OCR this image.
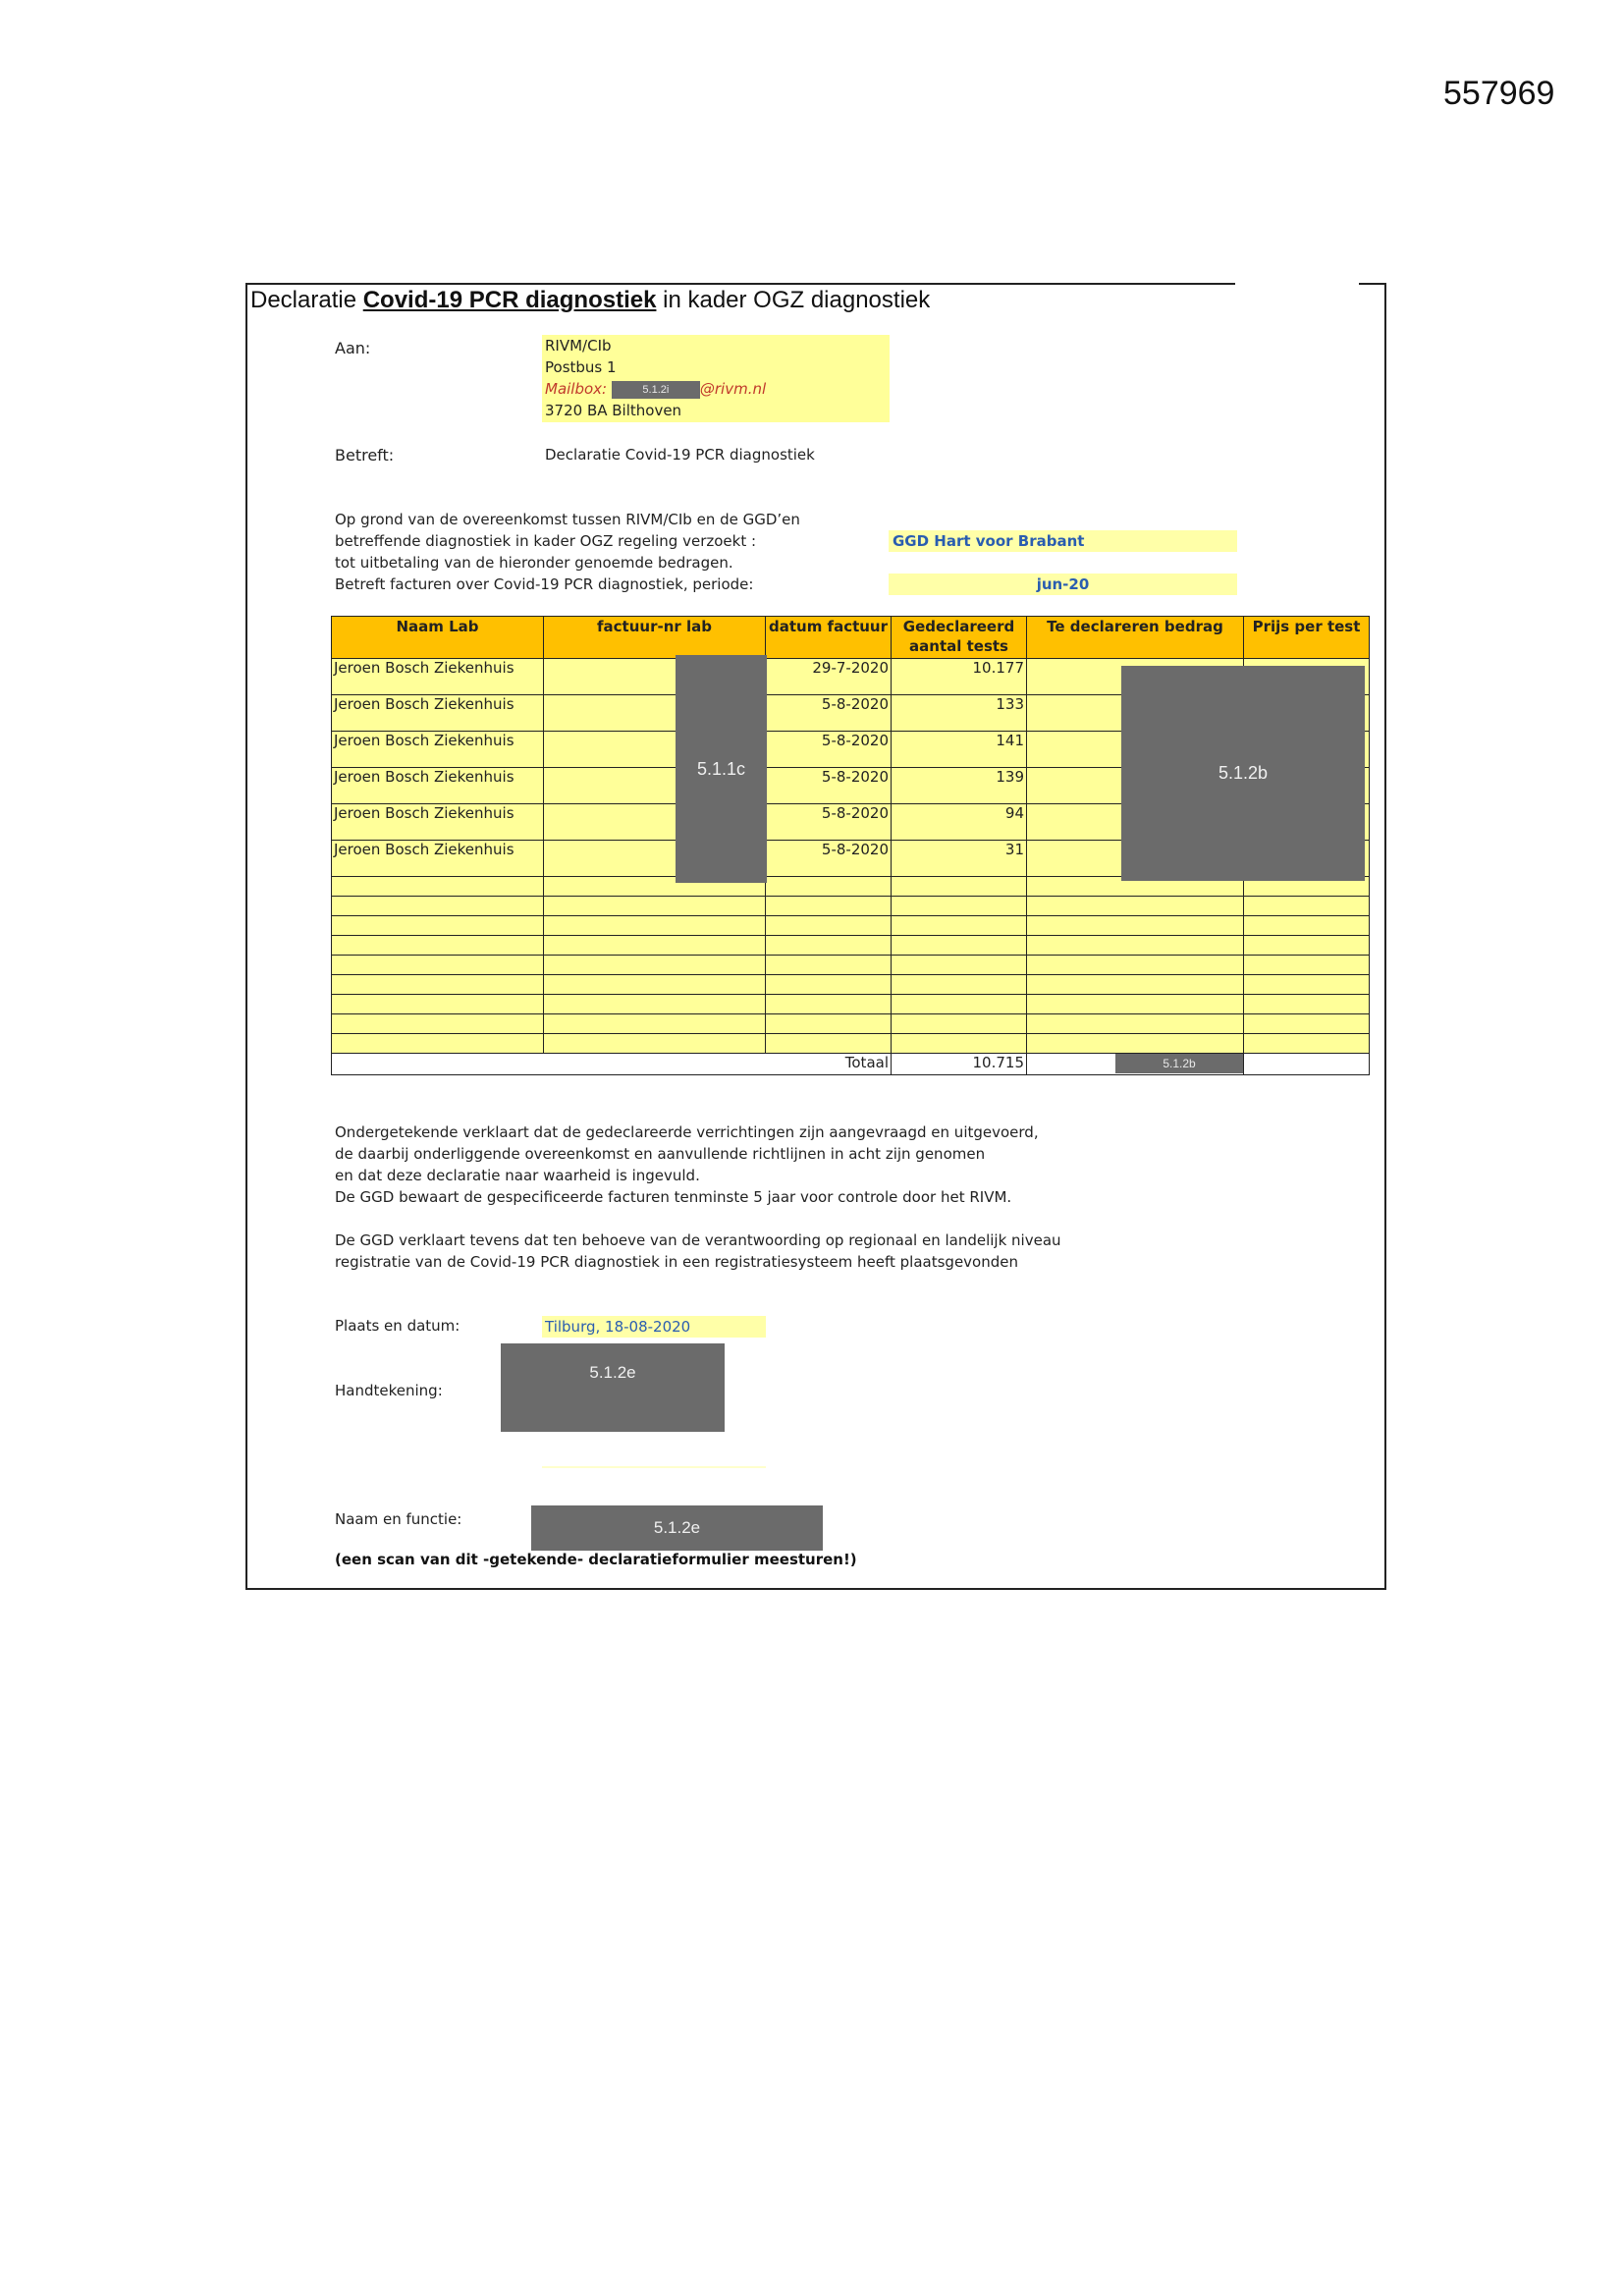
557969
Declaratie Covid-19 PCR diagnostiek in kader OGZ diagnostiek
Aan:	RIVM/CIb
Postbus 1
Mailbox:	5.1.2i @rivm.nl
3720 BA Bilthoven
Betreft:	Declaratie Covid-19 PCR diagnostiek
Op grond van de overeenkomst tussen RIVM/CIb en de GGD’en
betreffende diagnostiek in kader OGZ regeling verzoekt :
tot uitbetaling van de hieronder genoemde bedragen.
Betreft facturen over Covid-19 PCR diagnostiek, periode:
GGD Hart voor Brabant
jun-20
Naam Lab	factuur-nr lab	datum factuur	Gedeclareerd aantal tests	Te declareren bedrag	Prijs per test
Jeroen Bosch Ziekenhuis		29-7-2020	10.177		
Jeroen Bosch Ziekenhuis		5-8-2020	133		
Jeroen Bosch Ziekenhuis		5-8-2020	141		
Jeroen Bosch Ziekenhuis		5-8-2020	139		
Jeroen Bosch Ziekenhuis		5-8-2020	94		
Jeroen Bosch Ziekenhuis		5-8-2020	31		

		Totaal	10.715	5.1.2b	
5.1.1c	5.1.2b
Ondergetekende verklaart dat de gedeclareerde verrichtingen zijn aangevraagd en uitgevoerd,
de daarbij onderliggende overeenkomst en aanvullende richtlijnen in acht zijn genomen
en dat deze declaratie naar waarheid is ingevuld.
De GGD bewaart de gespecificeerde facturen tenminste 5 jaar voor controle door het RIVM.
De GGD verklaart tevens dat ten behoeve van de verantwoording op regionaal en landelijk niveau
registratie van de Covid-19 PCR diagnostiek in een registratiesysteem heeft plaatsgevonden
Plaats en datum:	Tilburg, 18-08-2020
Handtekening:
5.1.2e
Naam en functie:	5.1.2e
(een scan van dit -getekende- declaratieformulier meesturen!)
